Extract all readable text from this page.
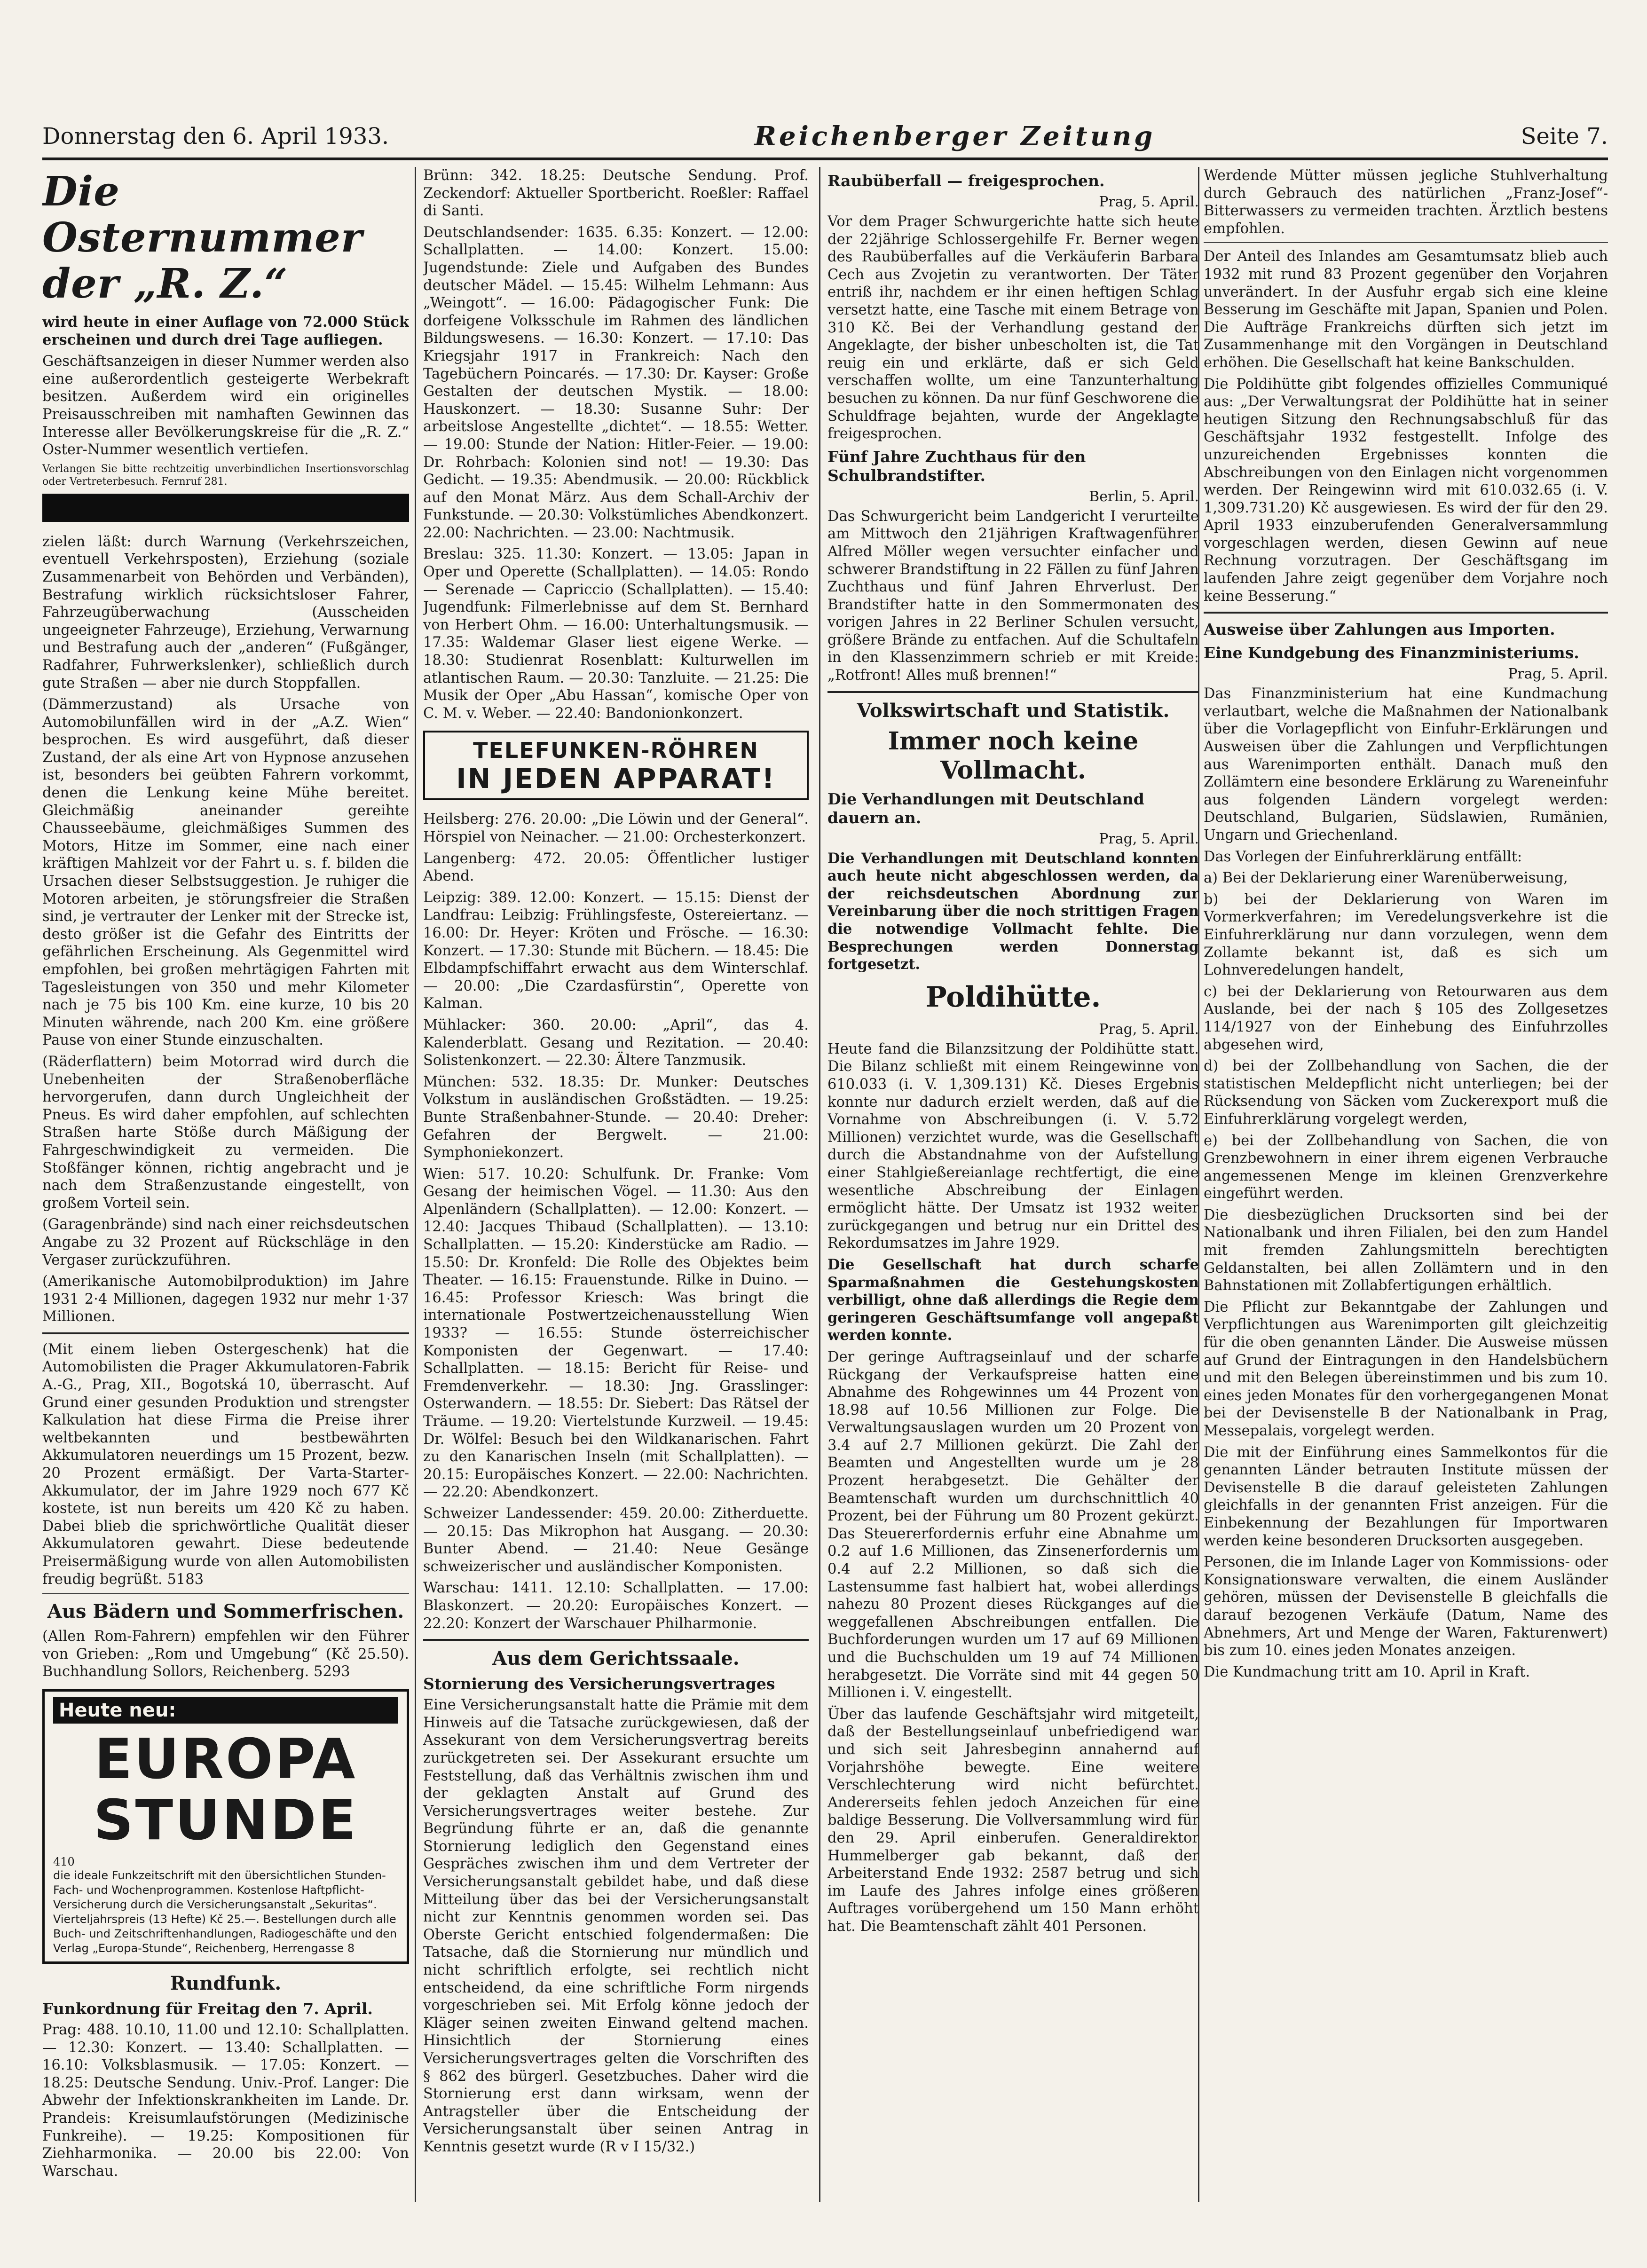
Donnerstag den 6. April 1933.	Reichenberger Zeitung	Seite 7.
Die Osternummer der „R. Z.“

wird heute in einer Auflage von 72.000 Stück erscheinen und durch drei Tage aufliegen.

Geschäftsanzeigen in dieser Nummer werden also eine außerordentlich gesteigerte Werbekraft besitzen. Außerdem wird ein originelles Preisausschreiben mit namhaften Gewinnen das Interesse aller Bevölkerungskreise für die „R. Z.“ Oster-Nummer wesentlich vertiefen.

Verlangen Sie bitte rechtzeitig unverbindlichen Insertionsvorschlag oder Vertreterbesuch. Fernruf 281.

zielen läßt: durch Warnung (Verkehrszeichen, eventuell Verkehrsposten), Erziehung (soziale Zusammenarbeit von Behörden und Verbänden), Bestrafung wirklich rücksichtsloser Fahrer, Fahrzeugüberwachung (Ausscheiden ungeeigneter Fahrzeuge), Erziehung, Verwarnung und Bestrafung auch der „anderen“ (Fußgänger, Radfahrer, Fuhrwerkslenker), schließlich durch gute Straßen — aber nie durch Stoppfallen.

(Dämmerzustand) als Ursache von Automobilunfällen wird in der „A.Z. Wien“ besprochen. Es wird ausgeführt, daß dieser Zustand, der als eine Art von Hypnose anzusehen ist, besonders bei geübten Fahrern vorkommt, denen die Lenkung keine Mühe bereitet. Gleichmäßig aneinander gereihte Chausseebäume, gleichmäßiges Summen des Motors, Hitze im Sommer, eine nach einer kräftigen Mahlzeit vor der Fahrt u. s. f. bilden die Ursachen dieser Selbstsuggestion. Je ruhiger die Motoren arbeiten, je störungsfreier die Straßen sind, je vertrauter der Lenker mit der Strecke ist, desto größer ist die Gefahr des Eintritts der gefährlichen Erscheinung. Als Gegenmittel wird empfohlen, bei großen mehrtägigen Fahrten mit Tagesleistungen von 350 und mehr Kilometer nach je 75 bis 100 Km. eine kurze, 10 bis 20 Minuten währende, nach 200 Km. eine größere Pause von einer Stunde einzuschalten.

(Räderflattern) beim Motorrad wird durch die Unebenheiten der Straßenoberfläche hervorgerufen, dann durch Ungleichheit der Pneus. Es wird daher empfohlen, auf schlechten Straßen harte Stöße durch Mäßigung der Fahrgeschwindigkeit zu vermeiden. Die Stoßfänger können, richtig angebracht und je nach dem Straßenzustande eingestellt, von großem Vorteil sein.

(Garagenbrände) sind nach einer reichsdeutschen Angabe zu 32 Prozent auf Rückschläge in den Vergaser zurückzuführen.

(Amerikanische Automobilproduktion) im Jahre 1931 2·4 Millionen, dagegen 1932 nur mehr 1·37 Millionen.

(Mit einem lieben Ostergeschenk) hat die Automobilisten die Prager Akkumulatoren-Fabrik A.-G., Prag, XII., Bogotská 10, überrascht. Auf Grund einer gesunden Produktion und strengster Kalkulation hat diese Firma die Preise ihrer weltbekannten und bestbewährten Akkumulatoren neuerdings um 15 Prozent, bezw. 20 Prozent ermäßigt. Der Varta-Starter-Akkumulator, der im Jahre 1929 noch 677 Kč kostete, ist nun bereits um 420 Kč zu haben. Dabei blieb die sprichwörtliche Qualität dieser Akkumulatoren gewahrt. Diese bedeutende Preisermäßigung wurde von allen Automobilisten freudig begrüßt. 5183

Aus Bädern und Sommerfrischen.

(Allen Rom-Fahrern) empfehlen wir den Führer von Grieben: „Rom und Umgebung“ (Kč 25.50). Buchhandlung Sollors, Reichenberg. 5293

Heute neu:
EUROPA
STUNDE
410
die ideale Funkzeitschrift mit den übersichtlichen Stunden-Fach- und Wochenprogrammen. Kostenlose Haftpflicht-Versicherung durch die Versicherungsanstalt „Sekuritas“. Vierteljahrspreis (13 Hefte) Kč 25.—. Bestellungen durch alle Buch- und Zeitschriftenhandlungen, Radiogeschäfte und den Verlag „Europa-Stunde“, Reichenberg, Herrengasse 8
Rundfunk.
Funkordnung für Freitag den 7. April.

Prag: 488. 10.10, 11.00 und 12.10: Schallplatten. — 12.30: Konzert. — 13.40: Schallplatten. — 16.10: Volksblasmusik. — 17.05: Konzert. — 18.25: Deutsche Sendung. Univ.-Prof. Langer: Die Abwehr der Infektionskrankheiten im Lande. Dr. Prandeis: Kreisumlaufstörungen (Medizinische Funkreihe). — 19.25: Kompositionen für Ziehharmonika. — 20.00 bis 22.00: Von Warschau.

Brünn: 342. 18.25: Deutsche Sendung. Prof. Zeckendorf: Aktueller Sportbericht. Roeßler: Raffael di Santi.

Deutschlandsender: 1635. 6.35: Konzert. — 12.00: Schallplatten. — 14.00: Konzert. 15.00: Jugendstunde: Ziele und Aufgaben des Bundes deutscher Mädel. — 15.45: Wilhelm Lehmann: Aus „Weingott“. — 16.00: Pädagogischer Funk: Die dorfeigene Volksschule im Rahmen des ländlichen Bildungswesens. — 16.30: Konzert. — 17.10: Das Kriegsjahr 1917 in Frankreich: Nach den Tagebüchern Poincarés. — 17.30: Dr. Kayser: Große Gestalten der deutschen Mystik. — 18.00: Hauskonzert. — 18.30: Susanne Suhr: Der arbeitslose Angestellte „dichtet“. — 18.55: Wetter. — 19.00: Stunde der Nation: Hitler-Feier. — 19.00: Dr. Rohrbach: Kolonien sind not! — 19.30: Das Gedicht. — 19.35: Abendmusik. — 20.00: Rückblick auf den Monat März. Aus dem Schall-Archiv der Funkstunde. — 20.30: Volkstümliches Abendkonzert. 22.00: Nachrichten. — 23.00: Nachtmusik.

Breslau: 325. 11.30: Konzert. — 13.05: Japan in Oper und Operette (Schallplatten). — 14.05: Rondo — Serenade — Capriccio (Schallplatten). — 15.40: Jugendfunk: Filmerlebnisse auf dem St. Bernhard von Herbert Ohm. — 16.00: Unterhaltungsmusik. — 17.35: Waldemar Glaser liest eigene Werke. — 18.30: Studienrat Rosenblatt: Kulturwellen im atlantischen Raum. — 20.30: Tanzluite. — 21.25: Die Musik der Oper „Abu Hassan“, komische Oper von C. M. v. Weber. — 22.40: Bandonionkonzert.

TELEFUNKEN-RÖHREN
IN JEDEN APPARAT!

Heilsberg: 276. 20.00: „Die Löwin und der General“. Hörspiel von Neinacher. — 21.00: Orchesterkonzert.

Langenberg: 472. 20.05: Öffentlicher lustiger Abend.

Leipzig: 389. 12.00: Konzert. — 15.15: Dienst der Landfrau: Leibzig: Frühlingsfeste, Ostereiertanz. — 16.00: Dr. Heyer: Kröten und Frösche. — 16.30: Konzert. — 17.30: Stunde mit Büchern. — 18.45: Die Elbdampfschiffahrt erwacht aus dem Winterschlaf. — 20.00: „Die Czardasfürstin“, Operette von Kalman.

Mühlacker: 360. 20.00: „April“, das 4. Kalenderblatt. Gesang und Rezitation. — 20.40: Solistenkonzert. — 22.30: Ältere Tanzmusik.

München: 532. 18.35: Dr. Munker: Deutsches Volkstum in ausländischen Großstädten. — 19.25: Bunte Straßenbahner-Stunde. — 20.40: Dreher: Gefahren der Bergwelt. — 21.00: Symphoniekonzert.

Wien: 517. 10.20: Schulfunk. Dr. Franke: Vom Gesang der heimischen Vögel. — 11.30: Aus den Alpenländern (Schallplatten). — 12.00: Konzert. — 12.40: Jacques Thibaud (Schallplatten). — 13.10: Schallplatten. — 15.20: Kinderstücke am Radio. — 15.50: Dr. Kronfeld: Die Rolle des Objektes beim Theater. — 16.15: Frauenstunde. Rilke in Duino. — 16.45: Professor Kriesch: Was bringt die internationale Postwertzeichenausstellung Wien 1933? — 16.55: Stunde österreichischer Komponisten der Gegenwart. — 17.40: Schallplatten. — 18.15: Bericht für Reise- und Fremdenverkehr. — 18.30: Jng. Grasslinger: Osterwandern. — 18.55: Dr. Siebert: Das Rätsel der Träume. — 19.20: Viertelstunde Kurzweil. — 19.45: Dr. Wölfel: Besuch bei den Wildkanarischen. Fahrt zu den Kanarischen Inseln (mit Schallplatten). — 20.15: Europäisches Konzert. — 22.00: Nachrichten. — 22.20: Abendkonzert.

Schweizer Landessender: 459. 20.00: Zitherduette. — 20.15: Das Mikrophon hat Ausgang. — 20.30: Bunter Abend. — 21.40: Neue Gesänge schweizerischer und ausländischer Komponisten.

Warschau: 1411. 12.10: Schallplatten. — 17.00: Blaskonzert. — 20.20: Europäisches Konzert. — 22.20: Konzert der Warschauer Philharmonie.

Aus dem Gerichtssaale.
Stornierung des Versicherungsvertrages

Eine Versicherungsanstalt hatte die Prämie mit dem Hinweis auf die Tatsache zurückgewiesen, daß der Assekurant von dem Versicherungsvertrag bereits zurückgetreten sei. Der Assekurant ersuchte um Feststellung, daß das Verhältnis zwischen ihm und der geklagten Anstalt auf Grund des Versicherungsvertrages weiter bestehe. Zur Begründung führte er an, daß die genannte Stornierung lediglich den Gegenstand eines Gespräches zwischen ihm und dem Vertreter der Versicherungsanstalt gebildet habe, und daß diese Mitteilung über das bei der Versicherungsanstalt nicht zur Kenntnis genommen worden sei. Das Oberste Gericht entschied folgendermaßen: Die Tatsache, daß die Stornierung nur mündlich und nicht schriftlich erfolgte, sei rechtlich nicht entscheidend, da eine schriftliche Form nirgends vorgeschrieben sei. Mit Erfolg könne jedoch der Kläger seinen zweiten Einwand geltend machen. Hinsichtlich der Stornierung eines Versicherungsvertrages gelten die Vorschriften des § 862 des bürgerl. Gesetzbuches. Daher wird die Stornierung erst dann wirksam, wenn der Antragsteller über die Entscheidung der Versicherungsanstalt über seinen Antrag in Kenntnis gesetzt wurde (R v I 15/32.)

Raubüberfall — freigesprochen.
Prag, 5. April.

Vor dem Prager Schwurgerichte hatte sich heute der 22jährige Schlossergehilfe Fr. Berner wegen des Raubüberfalles auf die Verkäuferin Barbara Cech aus Zvojetin zu verantworten. Der Täter entriß ihr, nachdem er ihr einen heftigen Schlag versetzt hatte, eine Tasche mit einem Betrage von 310 Kč. Bei der Verhandlung gestand der Angeklagte, der bisher unbescholten ist, die Tat reuig ein und erklärte, daß er sich Geld verschaffen wollte, um eine Tanzunterhaltung besuchen zu können. Da nur fünf Geschworene die Schuldfrage bejahten, wurde der Angeklagte freigesprochen.

Fünf Jahre Zuchthaus für den Schulbrandstifter.
Berlin, 5. April.

Das Schwurgericht beim Landgericht I verurteilte am Mittwoch den 21jährigen Kraftwagenführer Alfred Möller wegen versuchter einfacher und schwerer Brandstiftung in 22 Fällen zu fünf Jahren Zuchthaus und fünf Jahren Ehrverlust. Der Brandstifter hatte in den Sommermonaten des vorigen Jahres in 22 Berliner Schulen versucht, größere Brände zu entfachen. Auf die Schultafeln in den Klassenzimmern schrieb er mit Kreide: „Rotfront! Alles muß brennen!“

Volkswirtschaft und Statistik.
Immer noch keine Vollmacht.
Die Verhandlungen mit Deutschland dauern an.
Prag, 5. April.

Die Verhandlungen mit Deutschland konnten auch heute nicht abgeschlossen werden, da der reichsdeutschen Abordnung zur Vereinbarung über die noch strittigen Fragen die notwendige Vollmacht fehlte. Die Besprechungen werden Donnerstag fortgesetzt.

Poldihütte.
Prag, 5. April.

Heute fand die Bilanzsitzung der Poldihütte statt. Die Bilanz schließt mit einem Reingewinne von 610.033 (i. V. 1,309.131) Kč. Dieses Ergebnis konnte nur dadurch erzielt werden, daß auf die Vornahme von Abschreibungen (i. V. 5.72 Millionen) verzichtet wurde, was die Gesellschaft durch die Abstandnahme von der Aufstellung einer Stahlgießereianlage rechtfertigt, die eine wesentliche Abschreibung der Einlagen ermöglicht hätte. Der Umsatz ist 1932 weiter zurückgegangen und betrug nur ein Drittel des Rekordumsatzes im Jahre 1929.

Die Gesellschaft hat durch scharfe Sparmaßnahmen die Gestehungskosten verbilligt, ohne daß allerdings die Regie dem geringeren Geschäftsumfange voll angepaßt werden konnte.

Der geringe Auftragseinlauf und der scharfe Rückgang der Verkaufspreise hatten eine Abnahme des Rohgewinnes um 44 Prozent von 18.98 auf 10.56 Millionen zur Folge. Die Verwaltungsauslagen wurden um 20 Prozent von 3.4 auf 2.7 Millionen gekürzt. Die Zahl der Beamten und Angestellten wurde um je 28 Prozent herabgesetzt. Die Gehälter der Beamtenschaft wurden um durchschnittlich 40 Prozent, bei der Führung um 80 Prozent gekürzt. Das Steuererfordernis erfuhr eine Abnahme um 0.2 auf 1.6 Millionen, das Zinsenerfordernis um 0.4 auf 2.2 Millionen, so daß sich die Lastensumme fast halbiert hat, wobei allerdings nahezu 80 Prozent dieses Rückganges auf die weggefallenen Abschreibungen entfallen. Die Buchforderungen wurden um 17 auf 69 Millionen und die Buchschulden um 19 auf 74 Millionen herabgesetzt. Die Vorräte sind mit 44 gegen 50 Millionen i. V. eingestellt.

Über das laufende Geschäftsjahr wird mitgeteilt, daß der Bestellungseinlauf unbefriedigend war und sich seit Jahresbeginn annahernd auf Vorjahrshöhe bewegte. Eine weitere Verschlechterung wird nicht befürchtet. Andererseits fehlen jedoch Anzeichen für eine baldige Besserung. Die Vollversammlung wird für den 29. April einberufen. Generaldirektor Hummelberger gab bekannt, daß der Arbeiterstand Ende 1932: 2587 betrug und sich im Laufe des Jahres infolge eines größeren Auftrages vorübergehend um 150 Mann erhöht hat. Die Beamtenschaft zählt 401 Personen.

Werdende Mütter müssen jegliche Stuhlverhaltung durch Gebrauch des natürlichen „Franz-Josef“-Bitterwassers zu vermeiden trachten. Ärztlich bestens empfohlen.

Der Anteil des Inlandes am Gesamtumsatz blieb auch 1932 mit rund 83 Prozent gegenüber den Vorjahren unverändert. In der Ausfuhr ergab sich eine kleine Besserung im Geschäfte mit Japan, Spanien und Polen. Die Aufträge Frankreichs dürften sich jetzt im Zusammenhange mit den Vorgängen in Deutschland erhöhen. Die Gesellschaft hat keine Bankschulden.

Die Poldihütte gibt folgendes offizielles Communiqué aus: „Der Verwaltungsrat der Poldihütte hat in seiner heutigen Sitzung den Rechnungsabschluß für das Geschäftsjahr 1932 festgestellt. Infolge des unzureichenden Ergebnisses konnten die Abschreibungen von den Einlagen nicht vorgenommen werden. Der Reingewinn wird mit 610.032.65 (i. V. 1,309.731.20) Kč ausgewiesen. Es wird der für den 29. April 1933 einzuberufenden Generalversammlung vorgeschlagen werden, diesen Gewinn auf neue Rechnung vorzutragen. Der Geschäftsgang im laufenden Jahre zeigt gegenüber dem Vorjahre noch keine Besserung.“

Ausweise über Zahlungen aus Importen.
Eine Kundgebung des Finanzministeriums.
Prag, 5. April.

Das Finanzministerium hat eine Kundmachung verlautbart, welche die Maßnahmen der Nationalbank über die Vorlagepflicht von Einfuhr-Erklärungen und Ausweisen über die Zahlungen und Verpflichtungen aus Warenimporten enthält. Danach muß den Zollämtern eine besondere Erklärung zu Wareneinfuhr aus folgenden Ländern vorgelegt werden: Deutschland, Bulgarien, Südslawien, Rumänien, Ungarn und Griechenland.

Das Vorlegen der Einfuhrerklärung entfällt:

a) Bei der Deklarierung einer Warenüberweisung,

b) bei der Deklarierung von Waren im Vormerkverfahren; im Veredelungsverkehre ist die Einfuhrerklärung nur dann vorzulegen, wenn dem Zollamte bekannt ist, daß es sich um Lohnveredelungen handelt,

c) bei der Deklarierung von Retourwaren aus dem Auslande, bei der nach § 105 des Zollgesetzes 114/1927 von der Einhebung des Einfuhrzolles abgesehen wird,

d) bei der Zollbehandlung von Sachen, die der statistischen Meldepflicht nicht unterliegen; bei der Rücksendung von Säcken vom Zuckerexport muß die Einfuhrerklärung vorgelegt werden,

e) bei der Zollbehandlung von Sachen, die von Grenzbewohnern in einer ihrem eigenen Verbrauche angemessenen Menge im kleinen Grenzverkehre eingeführt werden.

Die diesbezüglichen Drucksorten sind bei der Nationalbank und ihren Filialen, bei den zum Handel mit fremden Zahlungsmitteln berechtigten Geldanstalten, bei allen Zollämtern und in den Bahnstationen mit Zollabfertigungen erhältlich.

Die Pflicht zur Bekanntgabe der Zahlungen und Verpflichtungen aus Warenimporten gilt gleichzeitig für die oben genannten Länder. Die Ausweise müssen auf Grund der Eintragungen in den Handelsbüchern und mit den Belegen übereinstimmen und bis zum 10. eines jeden Monates für den vorhergegangenen Monat bei der Devisenstelle B der Nationalbank in Prag, Messepalais, vorgelegt werden.

Die mit der Einführung eines Sammelkontos für die genannten Länder betrauten Institute müssen der Devisenstelle B die darauf geleisteten Zahlungen gleichfalls in der genannten Frist anzeigen. Für die Einbekennung der Bezahlungen für Importwaren werden keine besonderen Drucksorten ausgegeben.

Personen, die im Inlande Lager von Kommissions- oder Konsignationsware verwalten, die einem Ausländer gehören, müssen der Devisenstelle B gleichfalls die darauf bezogenen Verkäufe (Datum, Name des Abnehmers, Art und Menge der Waren, Fakturenwert) bis zum 10. eines jeden Monates anzeigen.

Die Kundmachung tritt am 10. April in Kraft.
